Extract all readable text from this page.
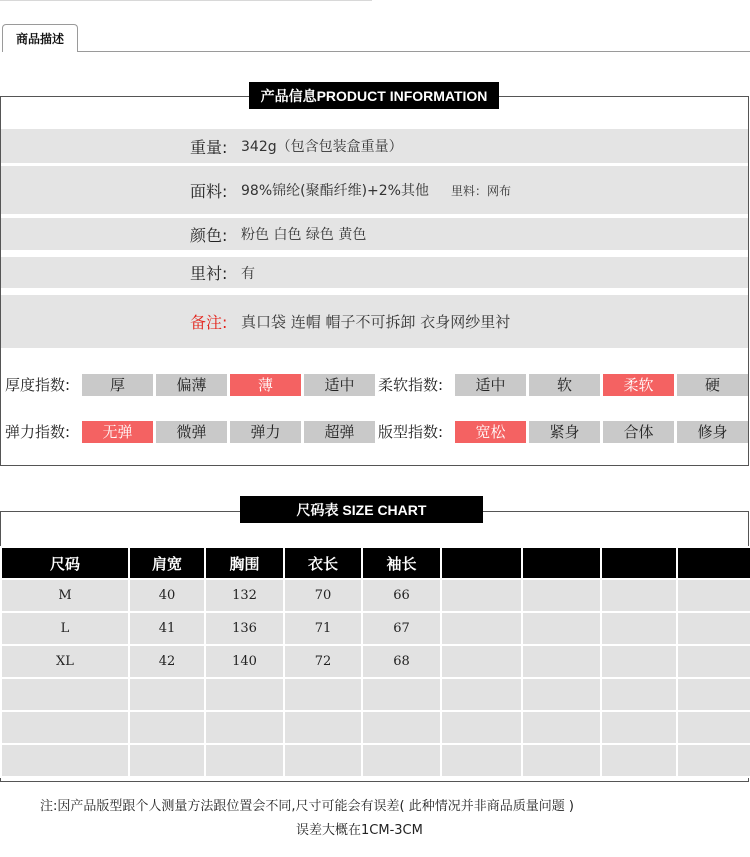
商品描述
产品信息PRODUCT INFORMATION
重量: 342g（包含包装盒重量）
面料: 98%锦纶(聚酯纤维)+2%其他 里料：网布
颜色: 粉色 白色 绿色 黄色
里衬: 有
备注: 真口袋 连帽 帽子不可拆卸 衣身网纱里衬
厚度指数:	厚	偏薄	薄	适中	柔软指数:	适中	软	柔软	硬
弹力指数:	无弹	微弹	弹力	超弹	版型指数:	宽松	紧身	合体	修身
尺码表 SIZE CHART
尺码	肩宽	胸围	衣长	袖长				
M	40	132	70	66				
L	41	136	71	67				
XL	42	140	72	68				

注:因产品版型跟个人测量方法跟位置会不同,尺寸可能会有误差( 此种情况并非商品质量问题 )
误差大概在1CM-3CM
